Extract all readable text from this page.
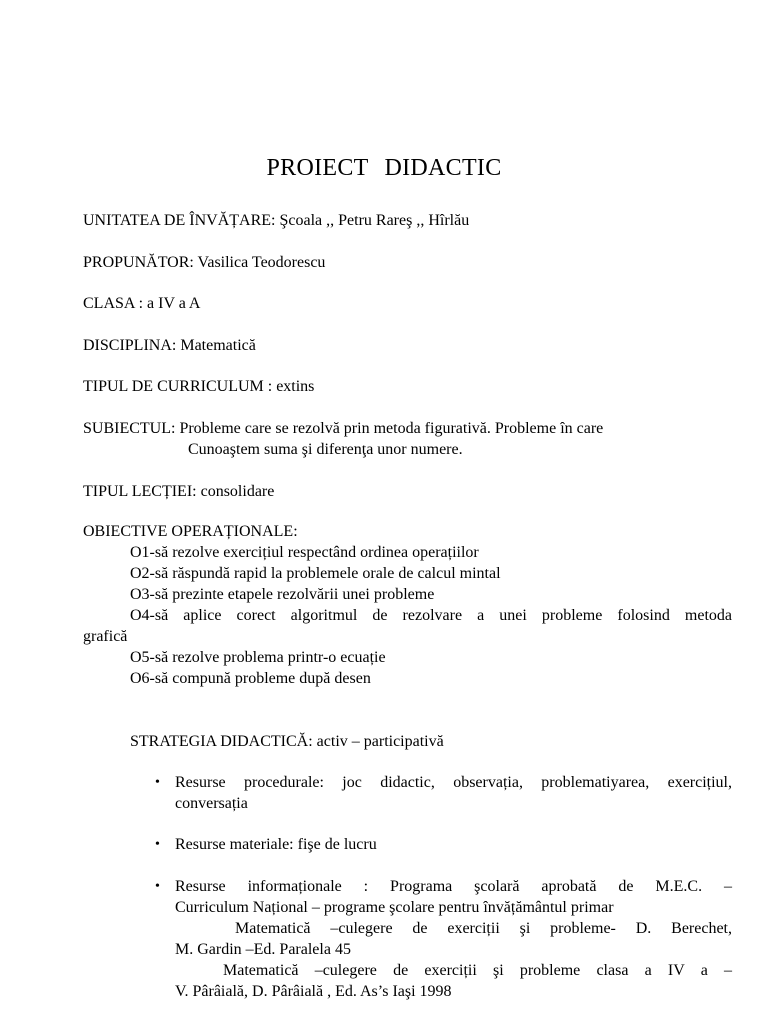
PROIECT DIDACTIC
UNITATEA DE ÎNVĂȚARE: Şcoala ,, Petru Rareş ,, Hîrlău
PROPUNĂTOR: Vasilica Teodorescu
CLASA : a IV a A
DISCIPLINA: Matematică
TIPUL DE CURRICULUM : extins
SUBIECTUL: Probleme care se rezolvă prin metoda figurativă. Probleme în care
Cunoaştem suma şi diferenţa unor numere.
TIPUL LECȚIEI: consolidare
OBIECTIVE OPERAȚIONALE:
O1-să rezolve exercițiul respectând ordinea operațiilor
O2-să răspundă rapid la problemele orale de calcul mintal
O3-să prezinte etapele rezolvării unei probleme
O4-să aplice corect algoritmul de rezolvare a unei probleme folosind metoda
grafică
O5-să rezolve problema printr-o ecuație
O6-să compună probleme după desen
STRATEGIA DIDACTICĂ: activ – participativă
• Resurse procedurale: joc didactic, observația, problematiyarea, exercițiul,
conversația
• Resurse materiale: fişe de lucru
• Resurse informaționale : Programa şcolară aprobată de M.E.C. –
Curriculum Național – programe şcolare pentru învățământul primar
Matematică –culegere de exerciții şi probleme- D. Berechet,
M. Gardin –Ed. Paralela 45
Matematică –culegere de exerciții şi probleme clasa a IV a –
V. Pârâială, D. Pârâială , Ed. As’s Iaşi 1998
